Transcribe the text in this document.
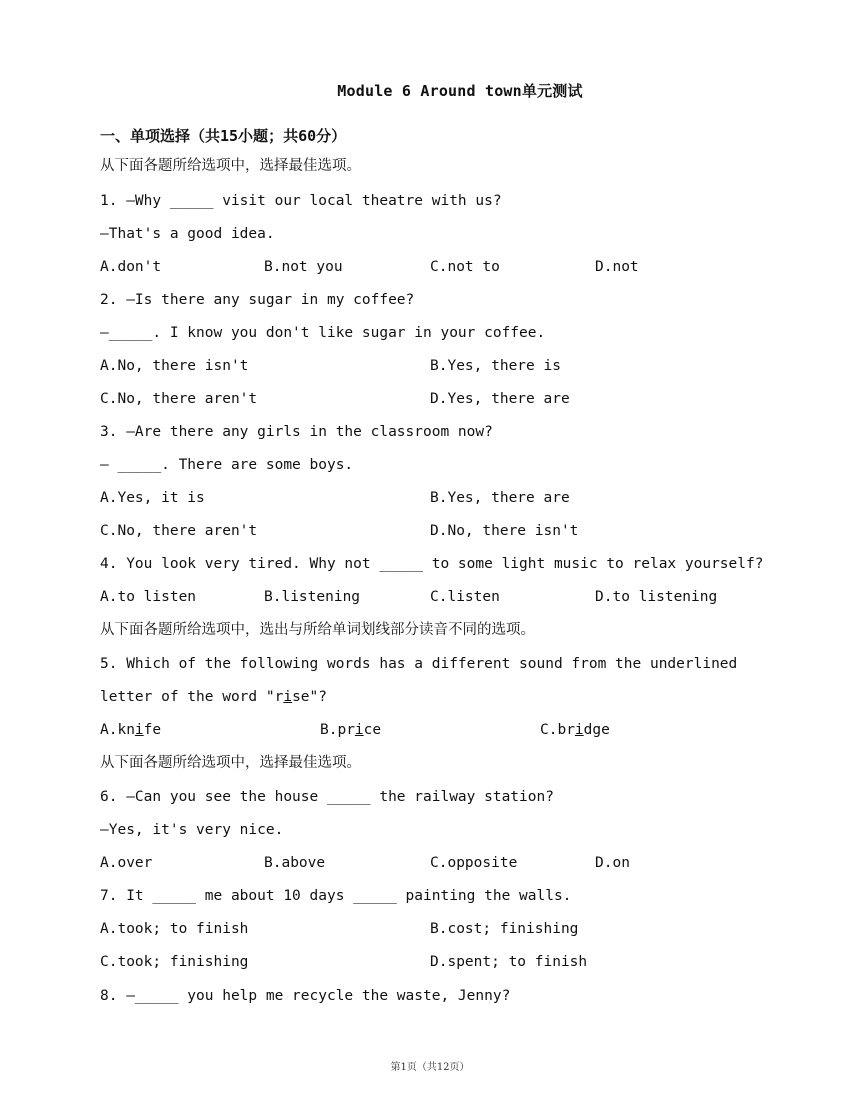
Module 6 Around town单元测试
一、单项选择（共15小题；共60分）
从下面各题所给选项中，选择最佳选项。
1. —Why _____ visit our local theatre with us?
—That's a good idea.
A.don't	B.not you	C.not to	D.not
2. —Is there any sugar in my coffee?
—_____. I know you don't like sugar in your coffee.
A.No, there isn't	B.Yes, there is
C.No, there aren't	D.Yes, there are
3. —Are there any girls in the classroom now?
— _____. There are some boys.
A.Yes, it is	B.Yes, there are
C.No, there aren't	D.No, there isn't
4. You look very tired. Why not _____ to some light music to relax yourself?
A.to listen	B.listening	C.listen	D.to listening
从下面各题所给选项中，选出与所给单词划线部分读音不同的选项。
5. Which of the following words has a different sound from the underlined
letter of the word "rise"?
A.knife	B.price	C.bridge
从下面各题所给选项中，选择最佳选项。
6. —Can you see the house _____ the railway station?
—Yes, it's very nice.
A.over	B.above	C.opposite	D.on
7. It _____ me about 10 days _____ painting the walls.
A.took; to finish	B.cost; finishing
C.took; finishing	D.spent; to finish
8. —_____ you help me recycle the waste, Jenny?
第1页（共12页）
